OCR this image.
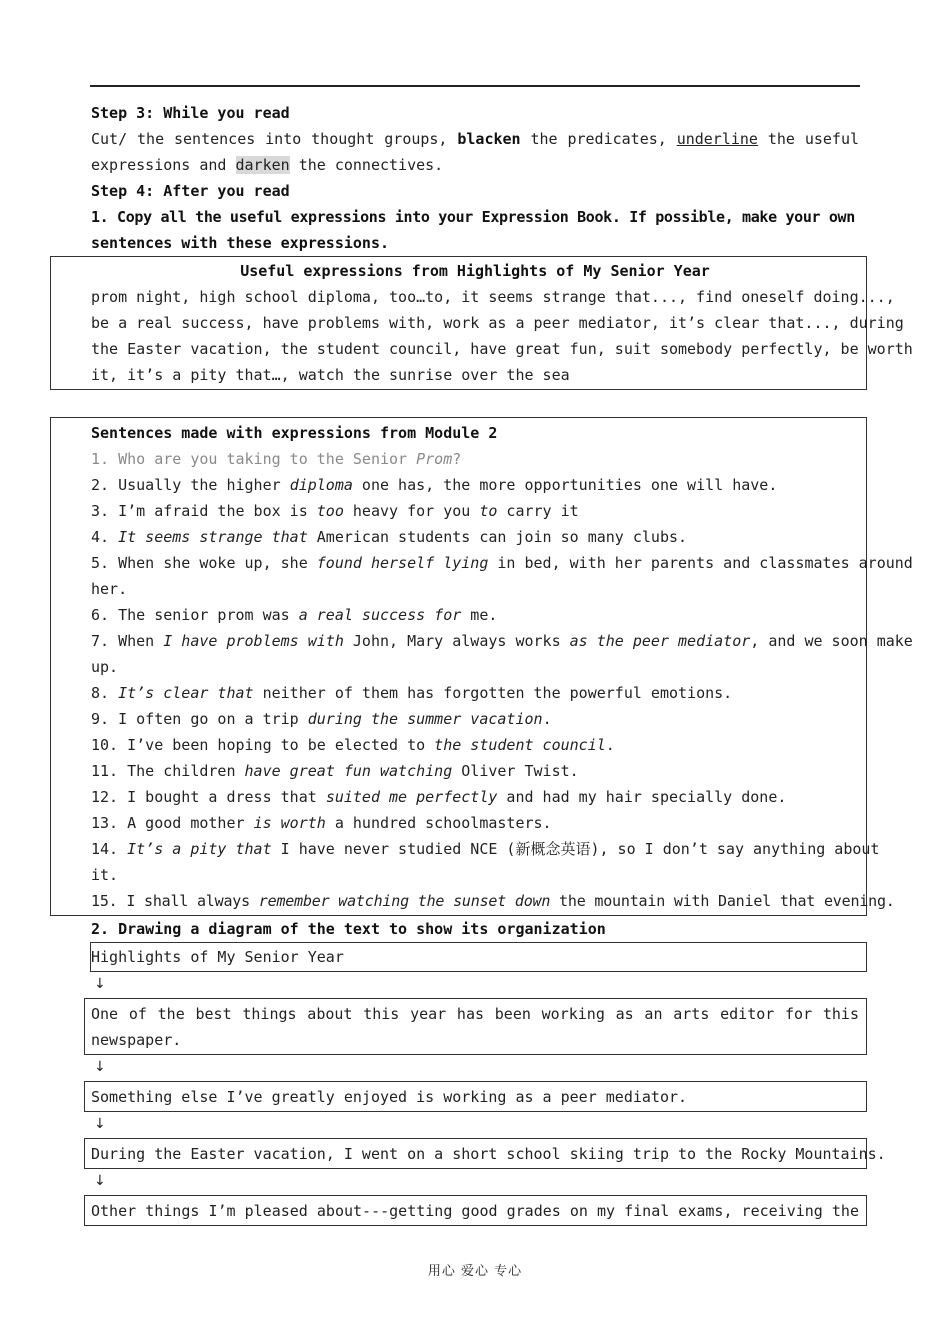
Step 3: While you read
Cut/ the sentences into thought groups, blacken the predicates, underline the useful
expressions and darken the connectives.
Step 4: After you read
1. Copy all the useful expressions into your Expression Book. If possible, make your own
sentences with these expressions.
Useful expressions from Highlights of My Senior Year
prom night, high school diploma, too…to, it seems strange that..., find oneself doing...,
be a real success, have problems with, work as a peer mediator, it’s clear that..., during
the Easter vacation, the student council, have great fun, suit somebody perfectly, be worth
it, it’s a pity that…, watch the sunrise over the sea
Sentences made with expressions from Module 2
1. Who are you taking to the Senior Prom?
2. Usually the higher diploma one has, the more opportunities one will have.
3. I’m afraid the box is too heavy for you to carry it
4. It seems strange that American students can join so many clubs.
5. When she woke up, she found herself lying in bed, with her parents and classmates around
her.
6. The senior prom was a real success for me.
7. When I have problems with John, Mary always works as the peer mediator, and we soon make
up.
8. It’s clear that neither of them has forgotten the powerful emotions.
9. I often go on a trip during the summer vacation.
10. I’ve been hoping to be elected to the student council.
11. The children have great fun watching Oliver Twist.
12. I bought a dress that suited me perfectly and had my hair specially done.
13. A good mother is worth a hundred schoolmasters.
14. It’s a pity that I have never studied NCE (新概念英语), so I don’t say anything about
it.
15. I shall always remember watching the sunset down the mountain with Daniel that evening.
2. Drawing a diagram of the text to show its organization
Highlights of My Senior Year
↓
One of the best things about this year has been working as an arts editor for this
newspaper.
↓
Something else I’ve greatly enjoyed is working as a peer mediator.
↓
During the Easter vacation, I went on a short school skiing trip to the Rocky Mountains.
↓
Other things I’m pleased about---getting good grades on my final exams, receiving the
用心 爱心 专心
